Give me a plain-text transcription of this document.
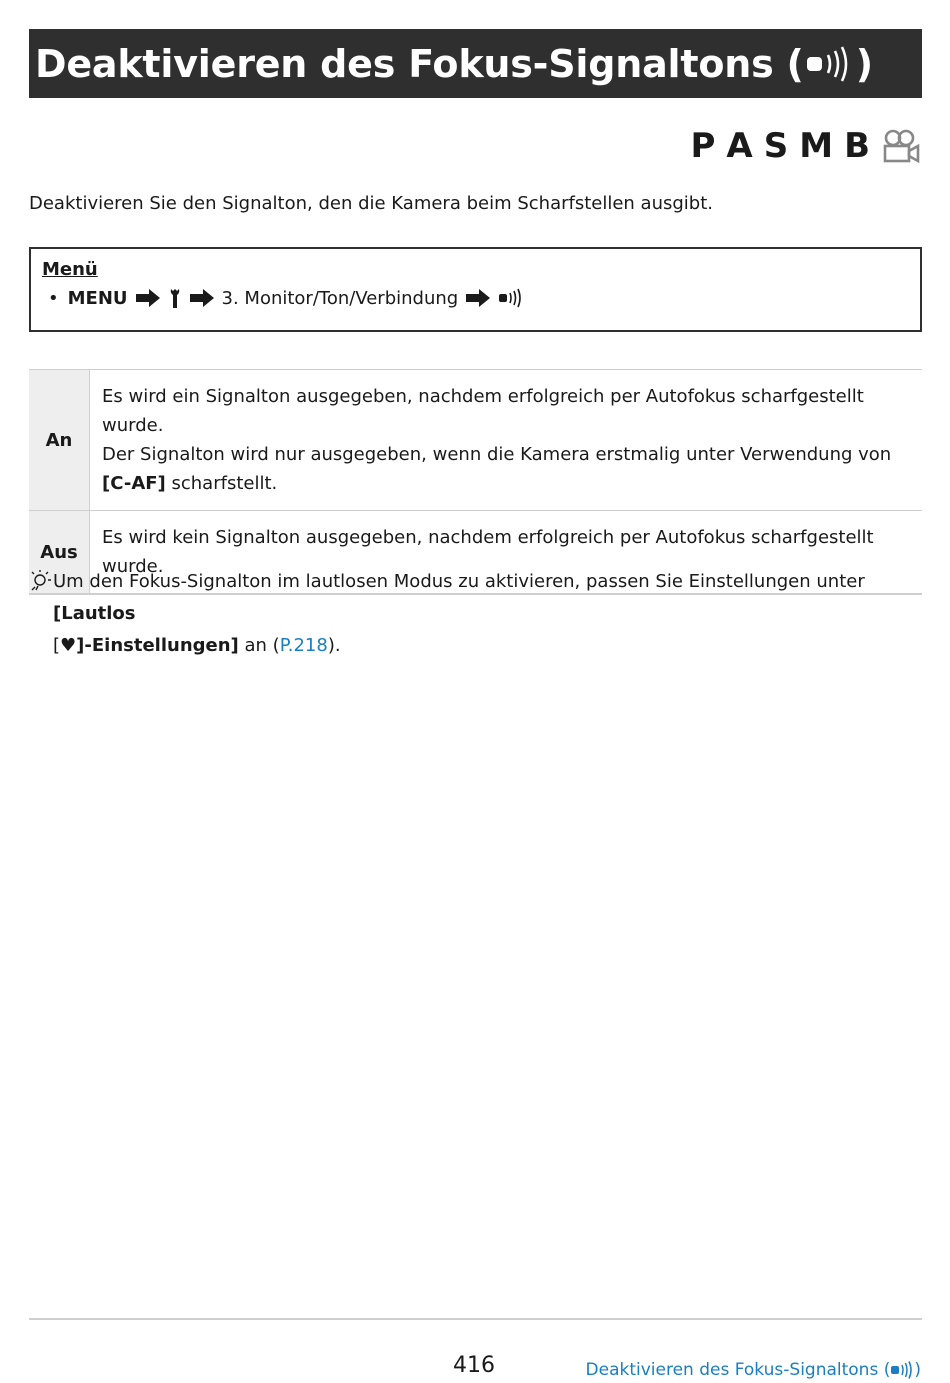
Deaktivieren des Fokus-Signaltons ( )
P A S M B
Deaktivieren Sie den Signalton, den die Kamera beim Scharfstellen ausgibt.
Menü
• MENU	3. Monitor/Ton/Verbindung
An	Es wird ein Signalton ausgegeben, nachdem erfolgreich per Autofokus scharfgestellt wurde.
Der Signalton wird nur ausgegeben, wenn die Kamera erstmalig unter Verwendung von
[C-AF] scharfstellt.

Aus	Es wird kein Signalton ausgegeben, nachdem erfolgreich per Autofokus scharfgestellt wurde.
Um den Fokus-Signalton im lautlosen Modus zu aktivieren, passen Sie Einstellungen unter [Lautlos
[♥]-Einstellungen] an (P.218).
416	Deaktivieren des Fokus-Signaltons ( )
